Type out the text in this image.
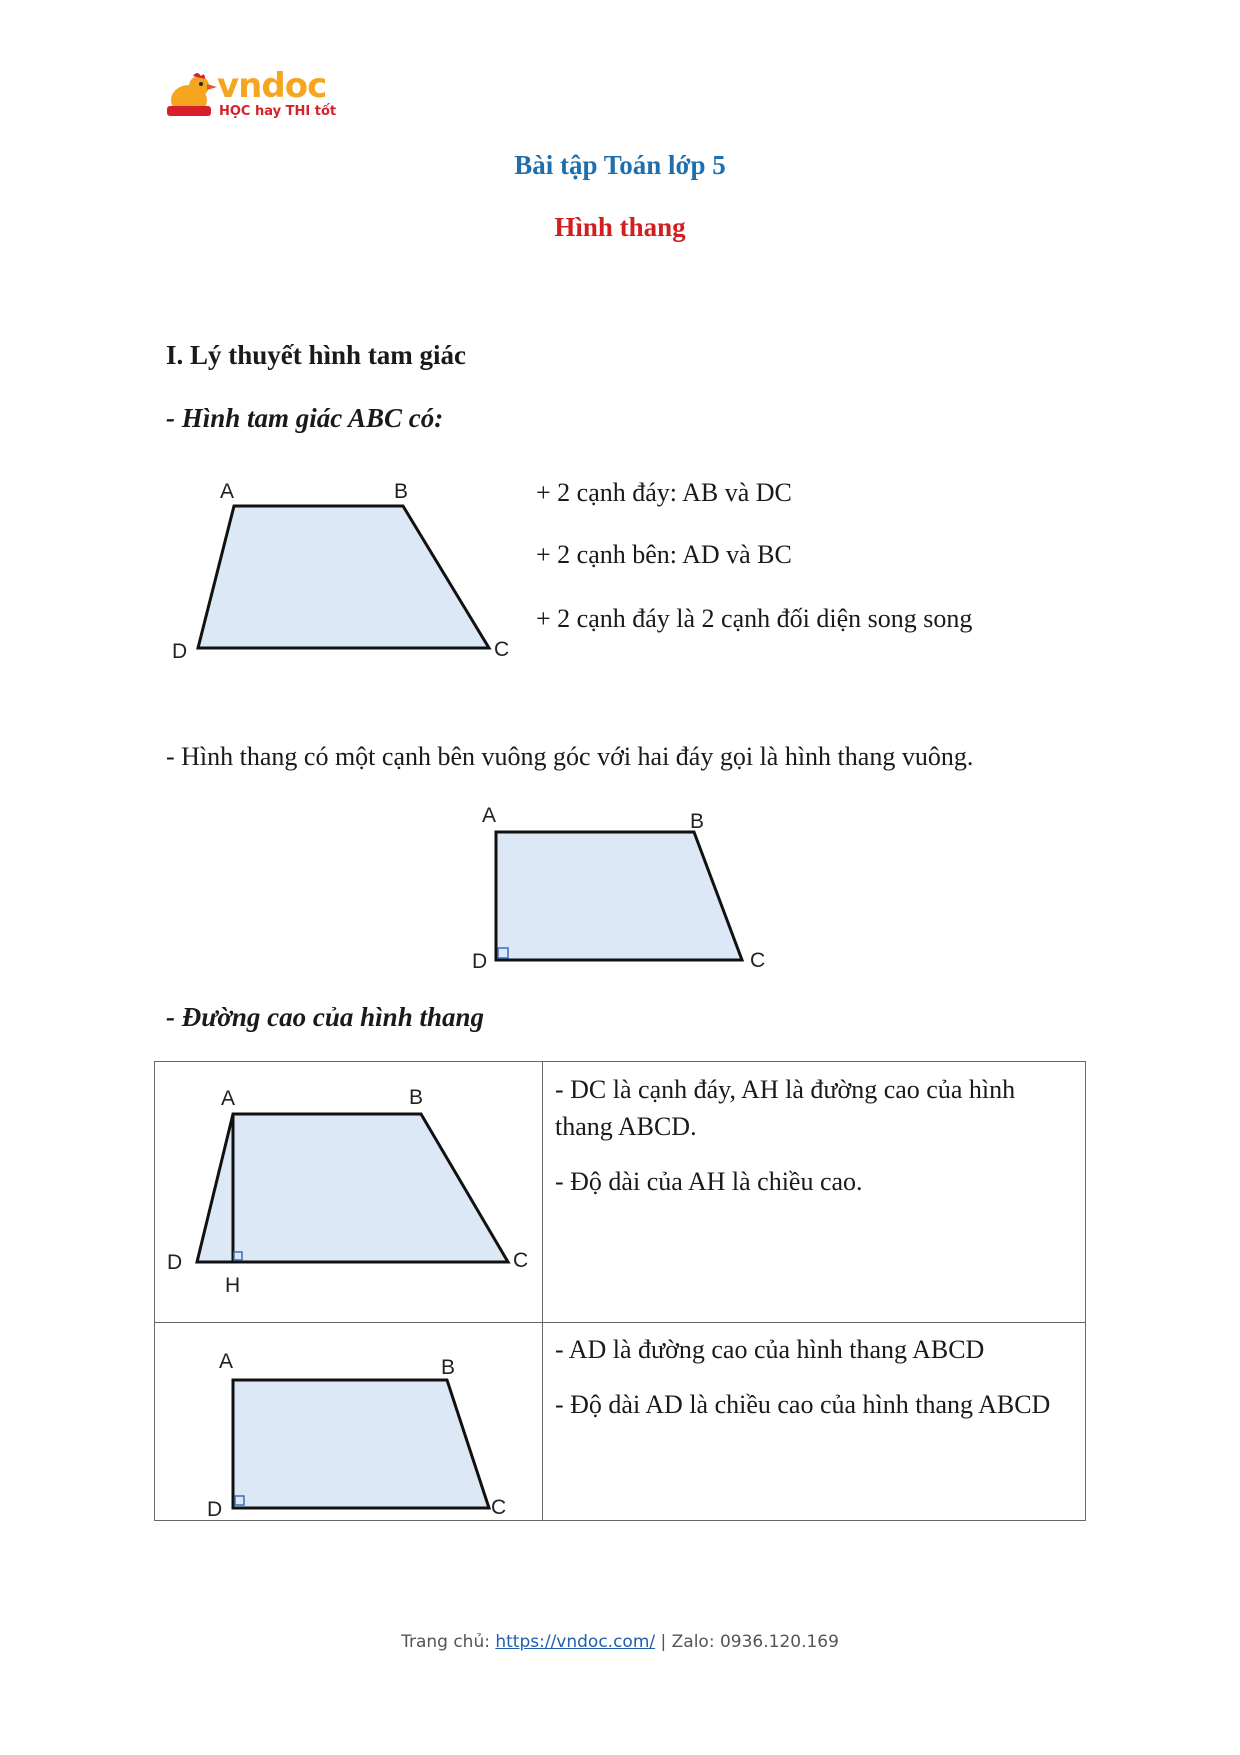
vndoc
HỌC hay THI tốt
Bài tập Toán lớp 5
Hình thang
I. Lý thuyết hình tam giác
- Hình tam giác ABC có:
A	B
C
D
+ 2 cạnh đáy: AB và DC
+ 2 cạnh bên: AD và BC
+ 2 cạnh đáy là 2 cạnh đối diện song song
- Hình thang có một cạnh bên vuông góc với hai đáy gọi là hình thang vuông.
A	B
C
D
- Đường cao của hình thang
A	B
C
D
H

- DC là cạnh đáy, AH là đường cao của hình thang ABCD.

- Độ dài của AH là chiều cao.

A	B
C
D

- AD là đường cao của hình thang ABCD

- Độ dài AD là chiều cao của hình thang ABCD

Trang chủ: https://vndoc.com/ | Zalo: 0936.120.169
